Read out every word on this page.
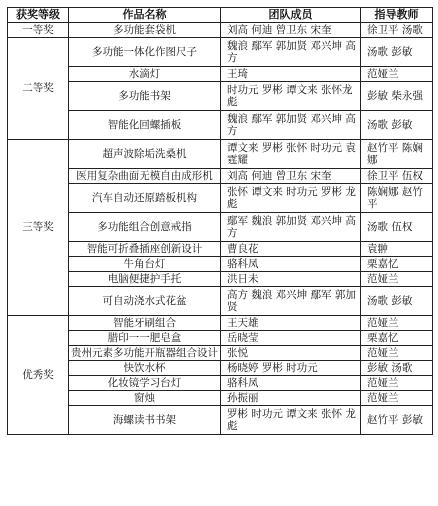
获奖等级	作品名称	团队成员	指导教师
一等奖	多功能套袋机	刘高 何迪 曾卫东 宋奎	徐卫平 汤歌
二等奖	多功能一体化作图尺子	魏浪 鄢军 郭加贤 邓兴坤 高方	汤歌 彭敏
	水滴灯	王琦	范娅兰
	多功能书架	时功元 罗彬 谭文来 张怀龙彪	彭敏 柴永强
	智能化回螺插板	魏浪 鄢军 郭加贤 邓兴坤 高方	汤歌 彭敏
三等奖	超声波除垢洗桑机	谭文来 罗彬 张怀 时功元 袁霆耀	赵竹平 陈娴娜
	医用复杂曲面无模自由成形机	刘高 何迪 曾卫东 宋奎	徐卫平 伍权
	汽车自动还原踏板机构	张怀 谭文来 时功元 罗彬 龙彪	陈娴娜 赵竹平
	多功能组合创意戒指	鄢军 魏浪 郭加贤 邓兴坤 高方	汤歌 伍权
	智能可折叠插座创新设计	曹良花	袁翀
	牛角台灯	骆科凤	栗嘉忆
	电脑便捷护手托	洪日未	范娅兰
	可自动浇水式花盆	高方 魏浪 邓兴坤 鄢军 郭加贤	汤歌 彭敏
优秀奖	智能牙刷组合	王天雄	范娅兰
	腊印一一肥皂盒	岳晓莹	栗嘉忆
	贵州元素多功能开瓶器组合设计	张悦	范娅兰
	快饮水杯	杨晓婷 罗彬 时功元	彭敏 汤歌
	化妆镜学习台灯	骆科凤	范娅兰
	窗烛	孙振丽	范娅兰
	海螺读书书架	罗彬 时功元 谭文来 张怀 龙彪	赵竹平 彭敏
